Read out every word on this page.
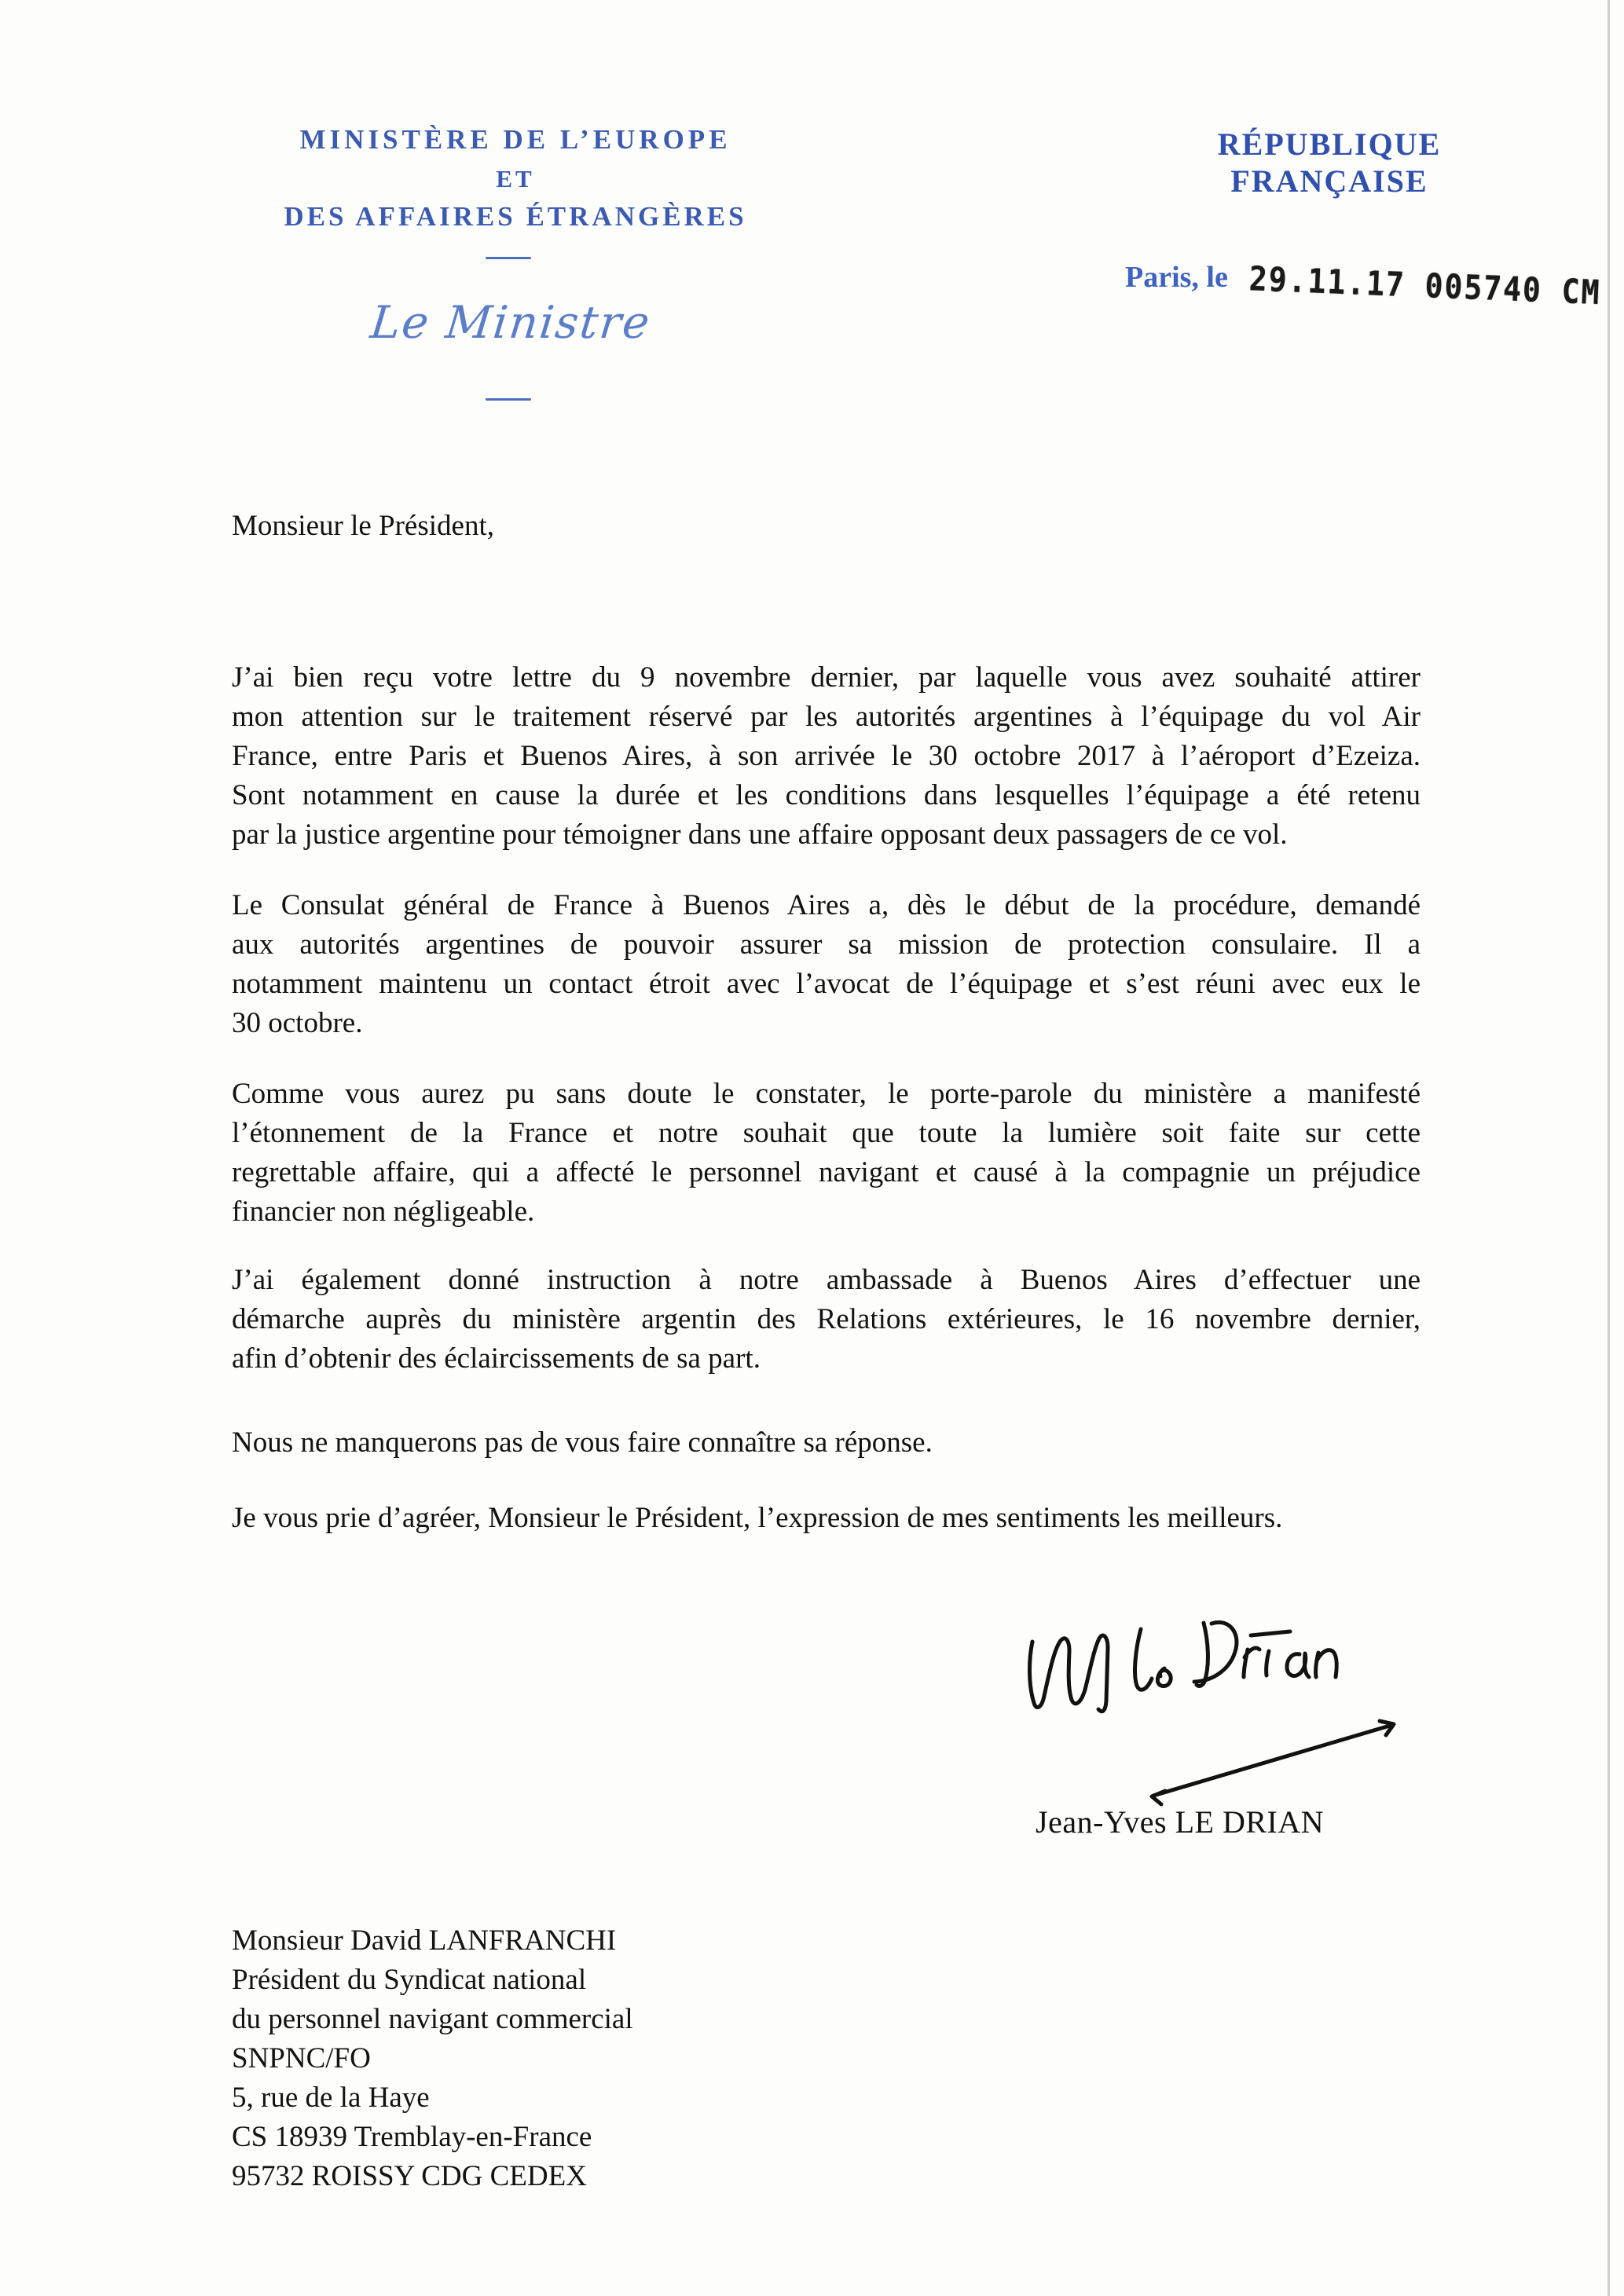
MINISTÈRE DE L’EUROPE
ET
DES AFFAIRES ÉTRANGÈRES
Le Ministre
RÉPUBLIQUE FRANÇAISE
Paris, le 29.11.17 005740 CM
Monsieur le Président,
J’ai bien reçu votre lettre du 9 novembre dernier, par laquelle vous avez souhaité attirer
mon attention sur le traitement réservé par les autorités argentines à l’équipage du vol Air
France, entre Paris et Buenos Aires, à son arrivée le 30 octobre 2017 à l’aéroport d’Ezeiza.
Sont notamment en cause la durée et les conditions dans lesquelles l’équipage a été retenu
par la justice argentine pour témoigner dans une affaire opposant deux passagers de ce vol.
Le Consulat général de France à Buenos Aires a, dès le début de la procédure, demandé
aux autorités argentines de pouvoir assurer sa mission de protection consulaire. Il a
notamment maintenu un contact étroit avec l’avocat de l’équipage et s’est réuni avec eux le
30 octobre.
Comme vous aurez pu sans doute le constater, le porte-parole du ministère a manifesté
l’étonnement de la France et notre souhait que toute la lumière soit faite sur cette
regrettable affaire, qui a affecté le personnel navigant et causé à la compagnie un préjudice
financier non négligeable.
J’ai également donné instruction à notre ambassade à Buenos Aires d’effectuer une
démarche auprès du ministère argentin des Relations extérieures, le 16 novembre dernier,
afin d’obtenir des éclaircissements de sa part.
Nous ne manquerons pas de vous faire connaître sa réponse.
Je vous prie d’agréer, Monsieur le Président, l’expression de mes sentiments les meilleurs.
Jean-Yves LE DRIAN
Monsieur David LANFRANCHI
Président du Syndicat national
du personnel navigant commercial
SNPNC/FO
5, rue de la Haye
CS 18939 Tremblay-en-France
95732 ROISSY CDG CEDEX
